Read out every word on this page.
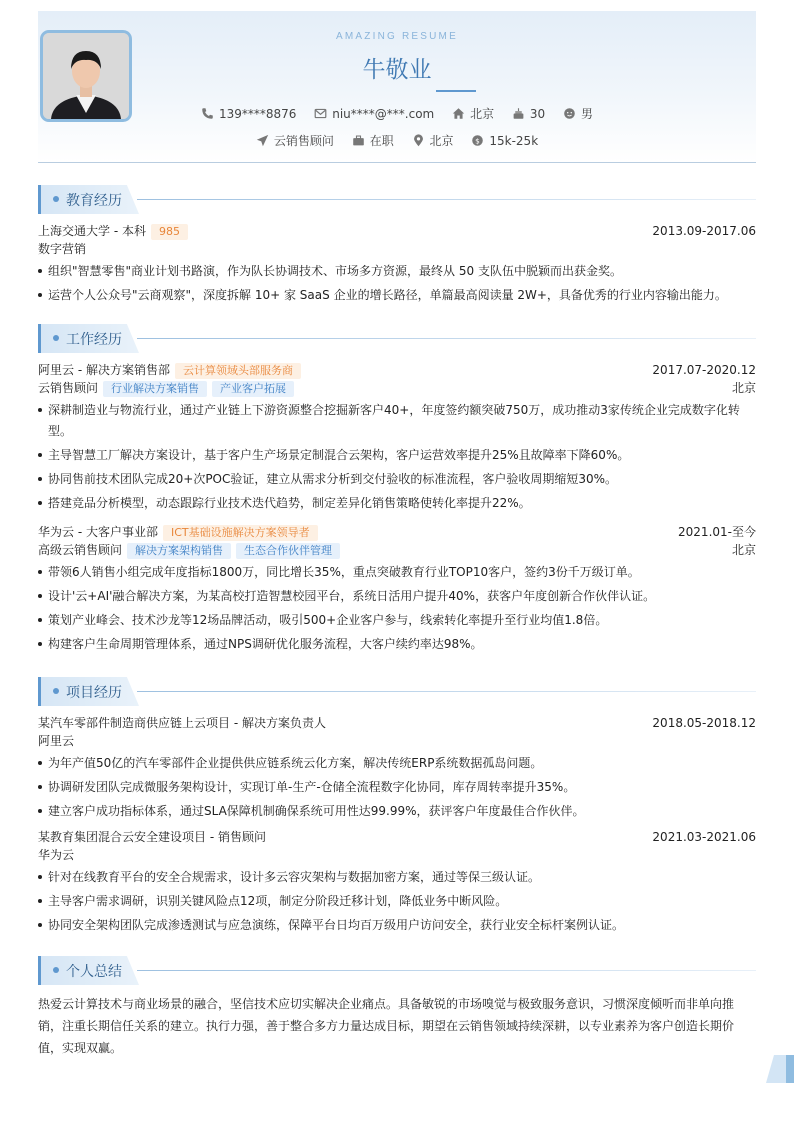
AMAZING RESUME
牛敬业
139****8876	niu****@***.com	北京	30	男
云销售顾问	在职	北京 $ 15k-25k
教育经历
上海交通大学 - 本科 985	2013.09-2017.06
数字营销
组织"智慧零售"商业计划书路演，作为队长协调技术、市场多方资源，最终从 50 支队伍中脱颖而出获金奖。
运营个人公众号"云商观察"，深度拆解 10+ 家 SaaS 企业的增长路径，单篇最高阅读量 2W+，具备优秀的行业内容输出能力。
工作经历
阿里云 - 解决方案销售部 云计算领域头部服务商	2017.07-2020.12
云销售顾问 行业解决方案销售 产业客户拓展	北京
深耕制造业与物流行业，通过产业链上下游资源整合挖掘新客户40+，年度签约额突破750万，成功推动3家传统企业完成数字化转型。
主导智慧工厂解决方案设计，基于客户生产场景定制混合云架构，客户运营效率提升25%且故障率下降60%。
协同售前技术团队完成20+次POC验证，建立从需求分析到交付验收的标准流程，客户验收周期缩短30%。
搭建竞品分析模型，动态跟踪行业技术迭代趋势，制定差异化销售策略使转化率提升22%。
华为云 - 大客户事业部 ICT基础设施解决方案领导者	2021.01-至今
高级云销售顾问 解决方案架构销售 生态合作伙伴管理	北京
带领6人销售小组完成年度指标1800万，同比增长35%，重点突破教育行业TOP10客户，签约3份千万级订单。
设计'云+AI'融合解决方案，为某高校打造智慧校园平台，系统日活用户提升40%，获客户年度创新合作伙伴认证。
策划产业峰会、技术沙龙等12场品牌活动，吸引500+企业客户参与，线索转化率提升至行业均值1.8倍。
构建客户生命周期管理体系，通过NPS调研优化服务流程，大客户续约率达98%。
项目经历
某汽车零部件制造商供应链上云项目 - 解决方案负责人	2018.05-2018.12
阿里云
为年产值50亿的汽车零部件企业提供供应链系统云化方案，解决传统ERP系统数据孤岛问题。
协调研发团队完成微服务架构设计，实现订单-生产-仓储全流程数字化协同，库存周转率提升35%。
建立客户成功指标体系，通过SLA保障机制确保系统可用性达99.99%，获评客户年度最佳合作伙伴。
某教育集团混合云安全建设项目 - 销售顾问	2021.03-2021.06
华为云
针对在线教育平台的安全合规需求，设计多云容灾架构与数据加密方案，通过等保三级认证。
主导客户需求调研，识别关键风险点12项，制定分阶段迁移计划，降低业务中断风险。
协同安全架构团队完成渗透测试与应急演练，保障平台日均百万级用户访问安全，获行业安全标杆案例认证。
个人总结
热爱云计算技术与商业场景的融合，坚信技术应切实解决企业痛点。具备敏锐的市场嗅觉与极致服务意识，习惯深度倾听而非单向推销，注重长期信任关系的建立。执行力强，善于整合多方力量达成目标，期望在云销售领域持续深耕，以专业素养为客户创造长期价值，实现双赢。
